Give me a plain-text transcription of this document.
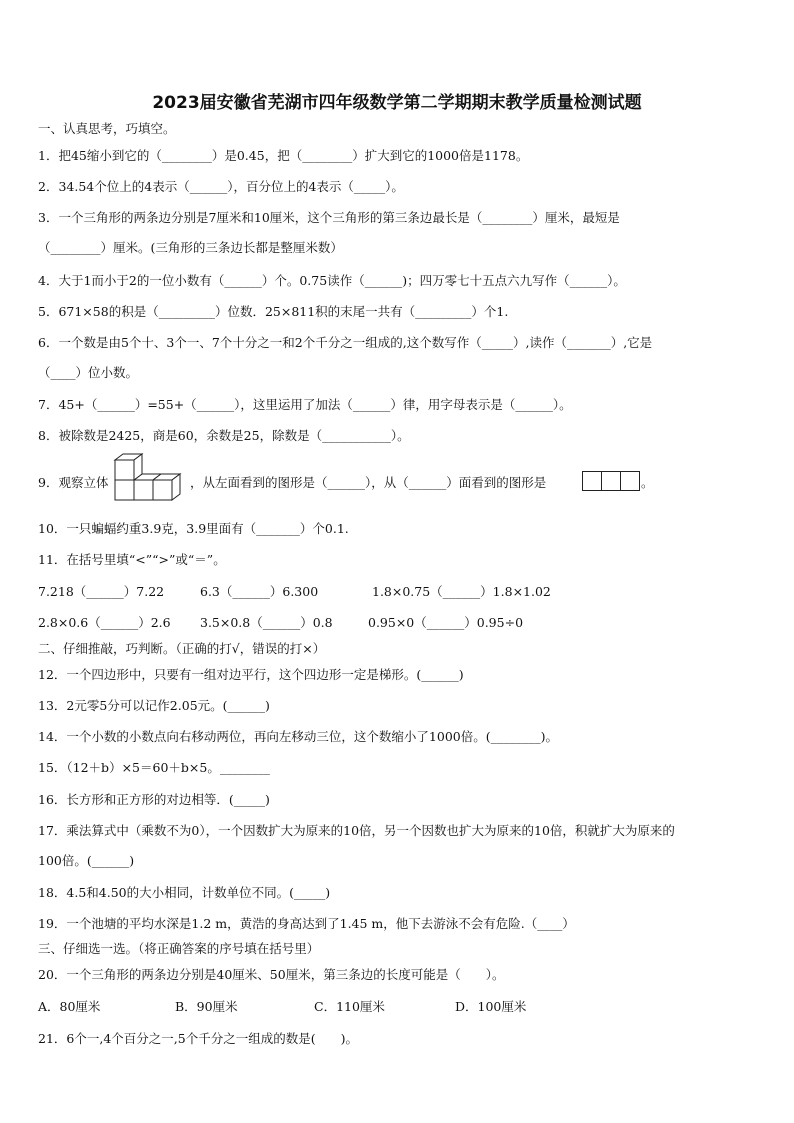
2023届安徽省芜湖市四年级数学第二学期期末教学质量检测试题
一、认真思考，巧填空。
1．把45缩小到它的（________）是0.45，把（________）扩大到它的1000倍是1178。
2．34.54个位上的4表示（______），百分位上的4表示（_____）。
3．一个三角形的两条边分别是7厘米和10厘米，这个三角形的第三条边最长是（________）厘米，最短是
（________）厘米。(三角形的三条边长都是整厘米数）
4．大于1而小于2的一位小数有（______）个。0.75读作（______)；四万零七十五点六九写作（______）。
5．671×58的积是（_________）位数．25×811积的末尾一共有（_________）个1.
6．一个数是由5个十、3个一、7个十分之一和2个千分之一组成的,这个数写作（_____）,读作（_______）,它是
（____）位小数。
7．45+（______）=55+（______），这里运用了加法（______）律，用字母表示是（______）。
8．被除数是2425，商是60，余数是25，除数是（___________）。
9．观察立体	，从左面看到的图形是（______），从（______）面看到的图形是	。
10．一只蝙蝠约重3.9克，3.9里面有（_______）个0.1.
11．在括号里填“<”“>”或“＝”。
7.218（______）7.22	6.3（______）6.300	1.8×0.75（______）1.8×1.02
2.8×0.6（______）2.6 3.5×0.8（______）0.8	0.95×0（______）0.95÷0
二、仔细推敲，巧判断。（正确的打√，错误的打×）
12．一个四边形中，只要有一组对边平行，这个四边形一定是梯形。(______)
13．2元零5分可以记作2.05元。(______)
14．一个小数的小数点向右移动两位，再向左移动三位，这个数缩小了1000倍。(________)。
15．（12＋b）×5＝60＋b×5。________
16．长方形和正方形的对边相等．(_____)
17．乘法算式中（乘数不为0），一个因数扩大为原来的10倍，另一个因数也扩大为原来的10倍，积就扩大为原来的
100倍。(______)
18．4.5和4.50的大小相同，计数单位不同。(_____)
19．一个池塘的平均水深是1.2 m，黄浩的身高达到了1.45 m，他下去游泳不会有危险.（____）
三、仔细选一选。（将正确答案的序号填在括号里）
20．一个三角形的两条边分别是40厘米、50厘米，第三条边的长度可能是（　　）。
A．80厘米	B．90厘米	C．110厘米	D．100厘米
21．6个一,4个百分之一,5个千分之一组成的数是(　　)。
